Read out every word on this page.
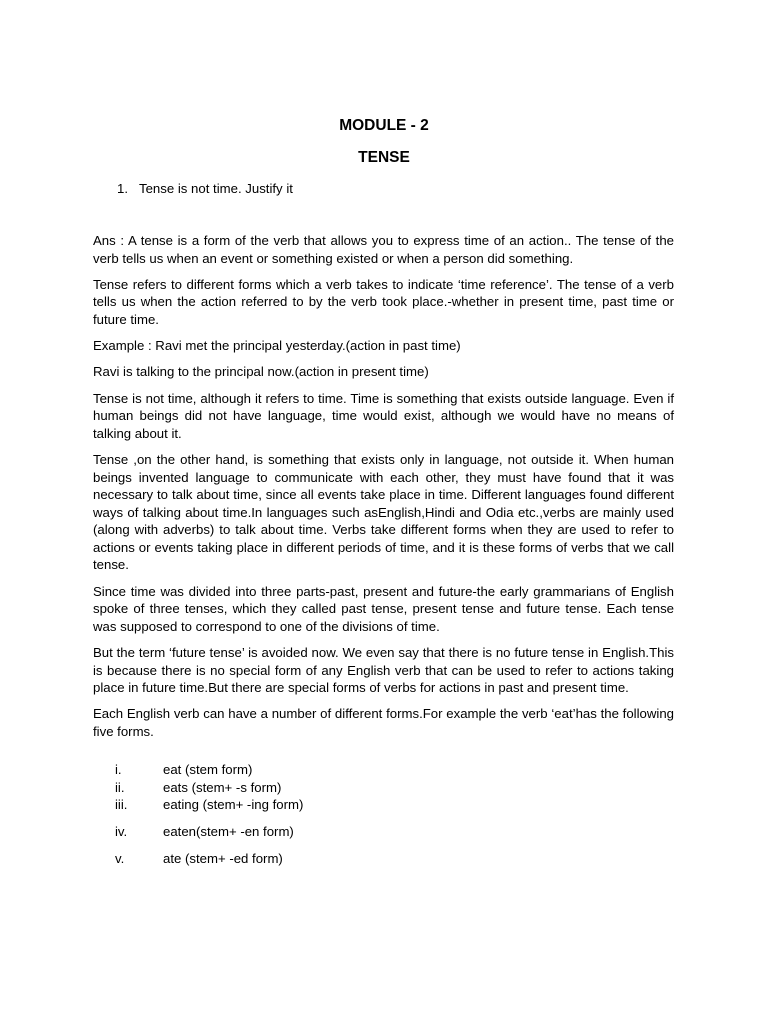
MODULE - 2
TENSE
1. Tense is not time. Justify it

Ans : A tense is a form of the verb that allows you to express time of an action.. The tense of the verb tells us when an event or something existed or when a person did something.

Tense refers to different forms which a verb takes to indicate ‘time reference’. The tense of a verb tells us when the action referred to by the verb took place.-whether in present time, past time or future time.

Example : Ravi met the principal yesterday.(action in past time)

Ravi is talking to the principal now.(action in present time)

Tense is not time, although it refers to time. Time is something that exists outside language. Even if human beings did not have language, time would exist, although we would have no means of talking about it.

Tense ,on the other hand, is something that exists only in language, not outside it. When human beings invented language to communicate with each other, they must have found that it was necessary to talk about time, since all events take place in time. Different languages found different ways of talking about time.In languages such asEnglish,Hindi and Odia etc.,verbs are mainly used (along with adverbs) to talk about time. Verbs take different forms when they are used to refer to actions or events taking place in different periods of time, and it is these forms of verbs that we call tense.

Since time was divided into three parts-past, present and future-the early grammarians of English spoke of three tenses, which they called past tense, present tense and future tense. Each tense was supposed to correspond to one of the divisions of time.

But the term ‘future tense’ is avoided now. We even say that there is no future tense in English.This is because there is no special form of any English verb that can be used to refer to actions taking place in future time.But there are special forms of verbs for actions in past and present time.

Each English verb can have a number of different forms.For example the verb ‘eat’has the following five forms.

i.	eat (stem form)
ii.	eats (stem+ -s form)
iii.	eating (stem+ -ing form)
iv.	eaten(stem+ -en form)
v.	ate (stem+ -ed form)
